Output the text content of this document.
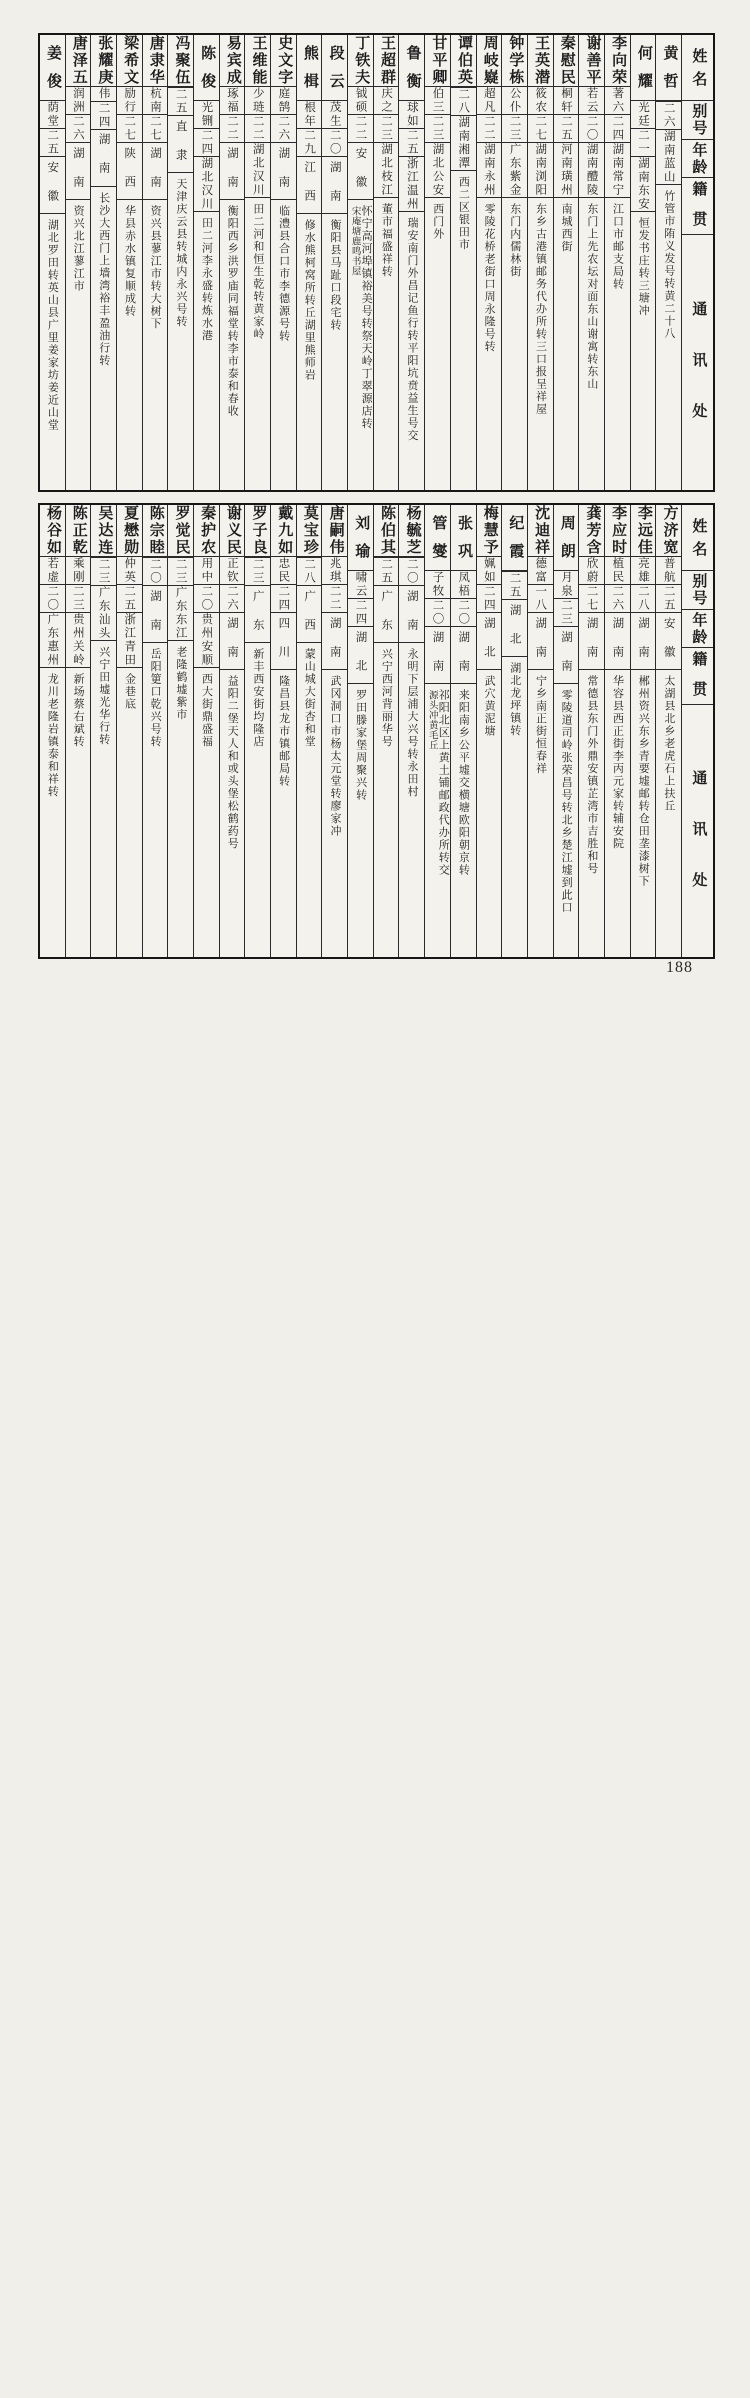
姓名
别号
年龄
籍贯
通讯处
黄哲
二六
湖南蓝山
竹管市陏义发号转黄二十八
何耀
光廷
二一
湖南东安
恒发书庄转三塘冲
李向荣
著六
二四
湖南常宁
江口市邮支局转
谢善平
若云
二〇
湖南醴陵
东门上先农坛对面东山谢寓转东山
秦慰民
桐轩
二五
河南璜州
南城西街
王英潜
筱农
二七
湖南浏阳
东乡古港镇邮务代办所转三口报呈祥屋
钟学栋
公仆
二三
广东紫金
东门内儒林街
周岐嶷
超凡
二二
湖南永州
零陵花桥老街口周永隆号转
谭伯英
二八
湖南湘潭
西二区银田市
甘平卿
伯三
二三
湖北公安
西门外
鲁衡
球如
二五
浙江温州
瑞安南门外昌记鱼行转平阳坑贲益生号交
王超群
庆之
二三
湖北枝江
董市福盛祥转
丁铁夫
钺硕
二二
安徽
怀宁高河埠镇裕美号转祭天岭丁翠源店转
宋庵塘鹿鸣书屋
段云
茂生
二〇
湖南
衡阳县马趾口段宅转
熊楫
根年
二九
江西
修水熊柯窝所转丘湖里熊师岩
史文字
庭鹄
二六
湖南
临澧县合口市李德源号转
王维能
少琏
二二
湖北汉川
田二河和恒生乾转黄家岭
易宾成
琢福
二二
湖南
衡阳西乡洪罗庙同福堂转李市泰和春收
陈俊
光铏
二四
湖北汉川
田二河李永盛转炼水港
冯聚伍
二五
直隶
天津庆云县转城内永兴号转
唐隶华
杭南
二七
湖南
资兴县蓼江市转大树下
梁希文
励行
二七
陕西
华县赤水镇复顺成转
张耀庚
伟
二四
湖南
长沙大西门上墙湾裕丰盈油行转
唐泽五
润洲
二六
湖南
资兴北江蓼江市
姜俊
荫堂
二五
安徽
湖北罗田转英山县广里姜家坊姜近山堂
姓名
别号
年龄
籍贯
通讯处
方济宽
普航
二五
安徽
太湖县北乡老虎石上扶丘
李远佳
亮雄
二八
湖南
郴州资兴东乡青要墟邮转仓田垄漆树下
李应时
植民
二六
湖南
华容县西正街李丙元家转辅安院
龚芳含
欣蔚
二七
湖南
常德县东门外鼎安镇芷湾市吉胜和号
周朗
月泉
二三
湖南
零陵道司岭张荣昌号转北乡楚江墟到此口
沈迪祥
德富
一八
湖南
宁乡南正街恒春祥
纪霞
二五
湖北
湖北龙坪镇转
梅慧予
姵如
二四
湖北
武穴黄泥塘
张巩
凤梧
二〇
湖南
来阳南乡公平墟交横塘欧阳朝京转
管燮
子牧
二〇
湖南
祁阳北区上黄土铺邮政代办所转交
源头冲黄毛丘
杨毓芝
二〇
湖南
永明下层浦大兴号转永田村
陈伯其
二五
广东
兴宁西河背丽华号
刘瑜
啸云
二四
湖北
罗田滕家堡周聚兴转
唐嗣伟
兆琪
二二
湖南
武冈洞口市杨太元堂转廖家冲
莫宝珍
二八
广西
蒙山城大街杏和堂
戴九如
忠民
二四
四川
隆昌县龙市镇邮局转
罗子良
二三
广东
新丰西安街均隆店
谢义民
正钦
二六
湖南
益阳二堡天人和或头堡松鹤药号
秦护农
用中
二〇
贵州安顺
西大街鼎盛福
罗觉民
二三
广东东江
老隆鹤墟紫市
陈宗睦
二〇
湖南
岳阳筻口乾兴号转
夏懋勋
仲英
二五
浙江青田
金巷底
吴达连
二三
广东汕头
兴宁田墟光华行转
陈正乾
乘刚
二三
贵州关岭
新场蔡右斌转
杨谷如
若虚
二〇
广东惠州
龙川老隆岩镇泰和祥转
188
